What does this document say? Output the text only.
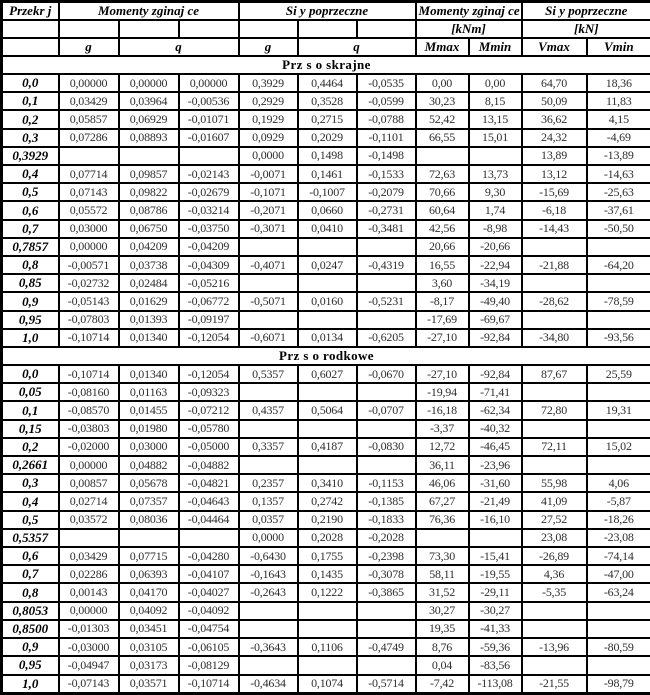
Przekr j	Momenty zginaj ce			Si y poprzeczne			Momenty zginaj ce		Si y poprzeczne	
							[kNm]		[kN]	
	g	q		g	q		Mmax	Mmin	Vmax	Vmin
Prz s o skrajne										
0,0	0,00000	0,00000	0,00000	0,3929	0,4464	-0,0535	0,00	0,00	64,70	18,36
0,1	0,03429	0,03964	-0,00536	0,2929	0,3528	-0,0599	30,23	8,15	50,09	11,83
0,2	0,05857	0,06929	-0,01071	0,1929	0,2715	-0,0788	52,42	13,15	36,62	4,15
0,3	0,07286	0,08893	-0,01607	0,0929	0,2029	-0,1101	66,55	15,01	24,32	-4,69
0,3929				0,0000	0,1498	-0,1498			13,89	-13,89
0,4	0,07714	0,09857	-0,02143	-0,0071	0,1461	-0,1533	72,63	13,73	13,12	-14,63
0,5	0,07143	0,09822	-0,02679	-0,1071	-0,1007	-0,2079	70,66	9,30	-15,69	-25,63
0,6	0,05572	0,08786	-0,03214	-0,2071	0,0660	-0,2731	60,64	1,74	-6,18	-37,61
0,7	0,03000	0,06750	-0,03750	-0,3071	0,0410	-0,3481	42,56	-8,98	-14,43	-50,50
0,7857	0,00000	0,04209	-0,04209				20,66	-20,66		
0,8	-0,00571	0,03738	-0,04309	-0,4071	0,0247	-0,4319	16,55	-22,94	-21,88	-64,20
0,85	-0,02732	0,02484	-0,05216				3,60	-34,19		
0,9	-0,05143	0,01629	-0,06772	-0,5071	0,0160	-0,5231	-8,17	-49,40	-28,62	-78,59
0,95	-0,07803	0,01393	-0,09197				-17,69	-69,67		
1,0	-0,10714	0,01340	-0,12054	-0,6071	0,0134	-0,6205	-27,10	-92,84	-34,80	-93,56
Prz s o rodkowe										
0,0	-0,10714	0,01340	-0,12054	0,5357	0,6027	-0,0670	-27,10	-92,84	87,67	25,59
0,05	-0,08160	0,01163	-0,09323				-19,94	-71,41		
0,1	-0,08570	0,01455	-0,07212	0,4357	0,5064	-0,0707	-16,18	-62,34	72,80	19,31
0,15	-0,03803	0,01980	-0,05780				-3,37	-40,32		
0,2	-0,02000	0,03000	-0,05000	0,3357	0,4187	-0,0830	12,72	-46,45	72,11	15,02
0,2661	0,00000	0,04882	-0,04882				36,11	-23,96		
0,3	0,00857	0,05678	-0,04821	0,2357	0,3410	-0,1153	46,06	-31,60	55,98	4,06
0,4	0,02714	0,07357	-0,04643	0,1357	0,2742	-0,1385	67,27	-21,49	41,09	-5,87
0,5	0,03572	0,08036	-0,04464	0,0357	0,2190	-0,1833	76,36	-16,10	27,52	-18,26
0,5357				0,0000	0,2028	-0,2028			23,08	-23,08
0,6	0,03429	0,07715	-0,04280	-0,6430	0,1755	-0,2398	73,30	-15,41	-26,89	-74,14
0,7	0,02286	0,06393	-0,04107	-0,1643	0,1435	-0,3078	58,11	-19,55	4,36	-47,00
0,8	0,00143	0,04170	-0,04027	-0,2643	0,1222	-0,3865	31,52	-29,11	-5,35	-63,24
0,8053	0,00000	0,04092	-0,04092				30,27	-30,27		
0,8500	-0,01303	0,03451	-0,04754				19,35	-41,33		
0,9	-0,03000	0,03105	-0,06105	-0,3643	0,1106	-0,4749	8,76	-59,36	-13,96	-80,59
0,95	-0,04947	0,03173	-0,08129				0,04	-83,56		
1,0	-0,07143	0,03571	-0,10714	-0,4634	0,1074	-0,5714	-7,42	-113,08	-21,55	-98,79
